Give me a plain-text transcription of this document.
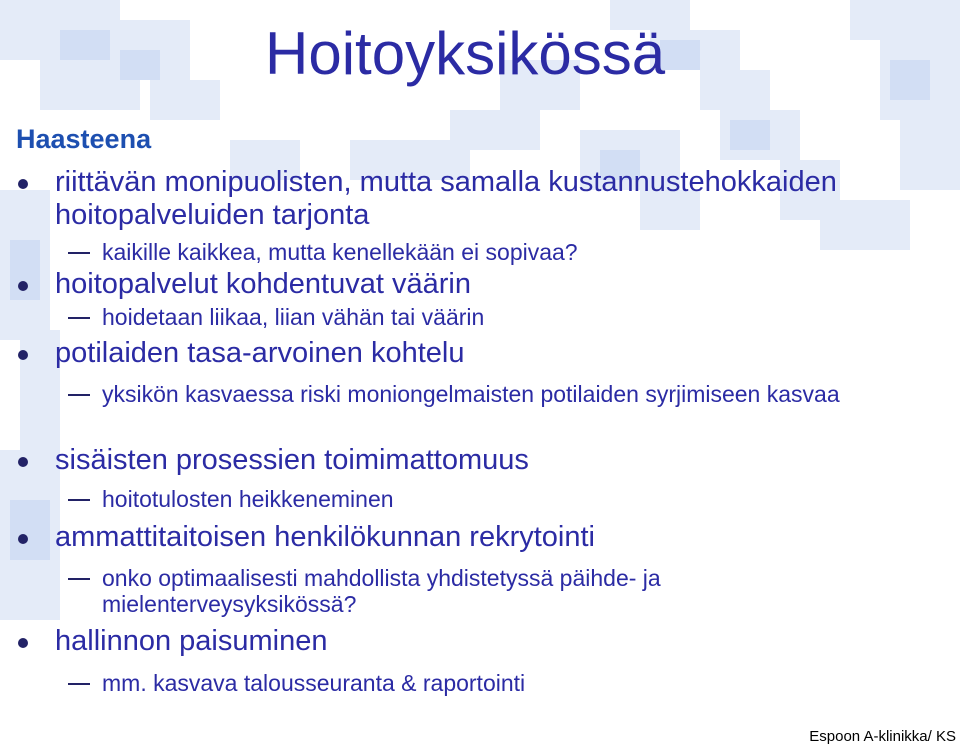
Hoitoyksikössä
Haasteena
riittävän monipuolisten, mutta samalla kustannustehokkaiden hoitopalveluiden tarjonta
kaikille kaikkea, mutta kenellekään ei sopivaa?
hoitopalvelut kohdentuvat väärin
hoidetaan liikaa, liian vähän tai väärin
potilaiden tasa-arvoinen kohtelu
yksikön kasvaessa riski moniongelmaisten potilaiden syrjimiseen kasvaa
sisäisten prosessien toimimattomuus
hoitotulosten heikkeneminen
ammattitaitoisen henkilökunnan rekrytointi
onko optimaalisesti mahdollista yhdistetyssä päihde- ja mielenterveysyksikössä?
hallinnon paisuminen
mm. kasvava talousseuranta & raportointi
Espoon A-klinikka/ KS
